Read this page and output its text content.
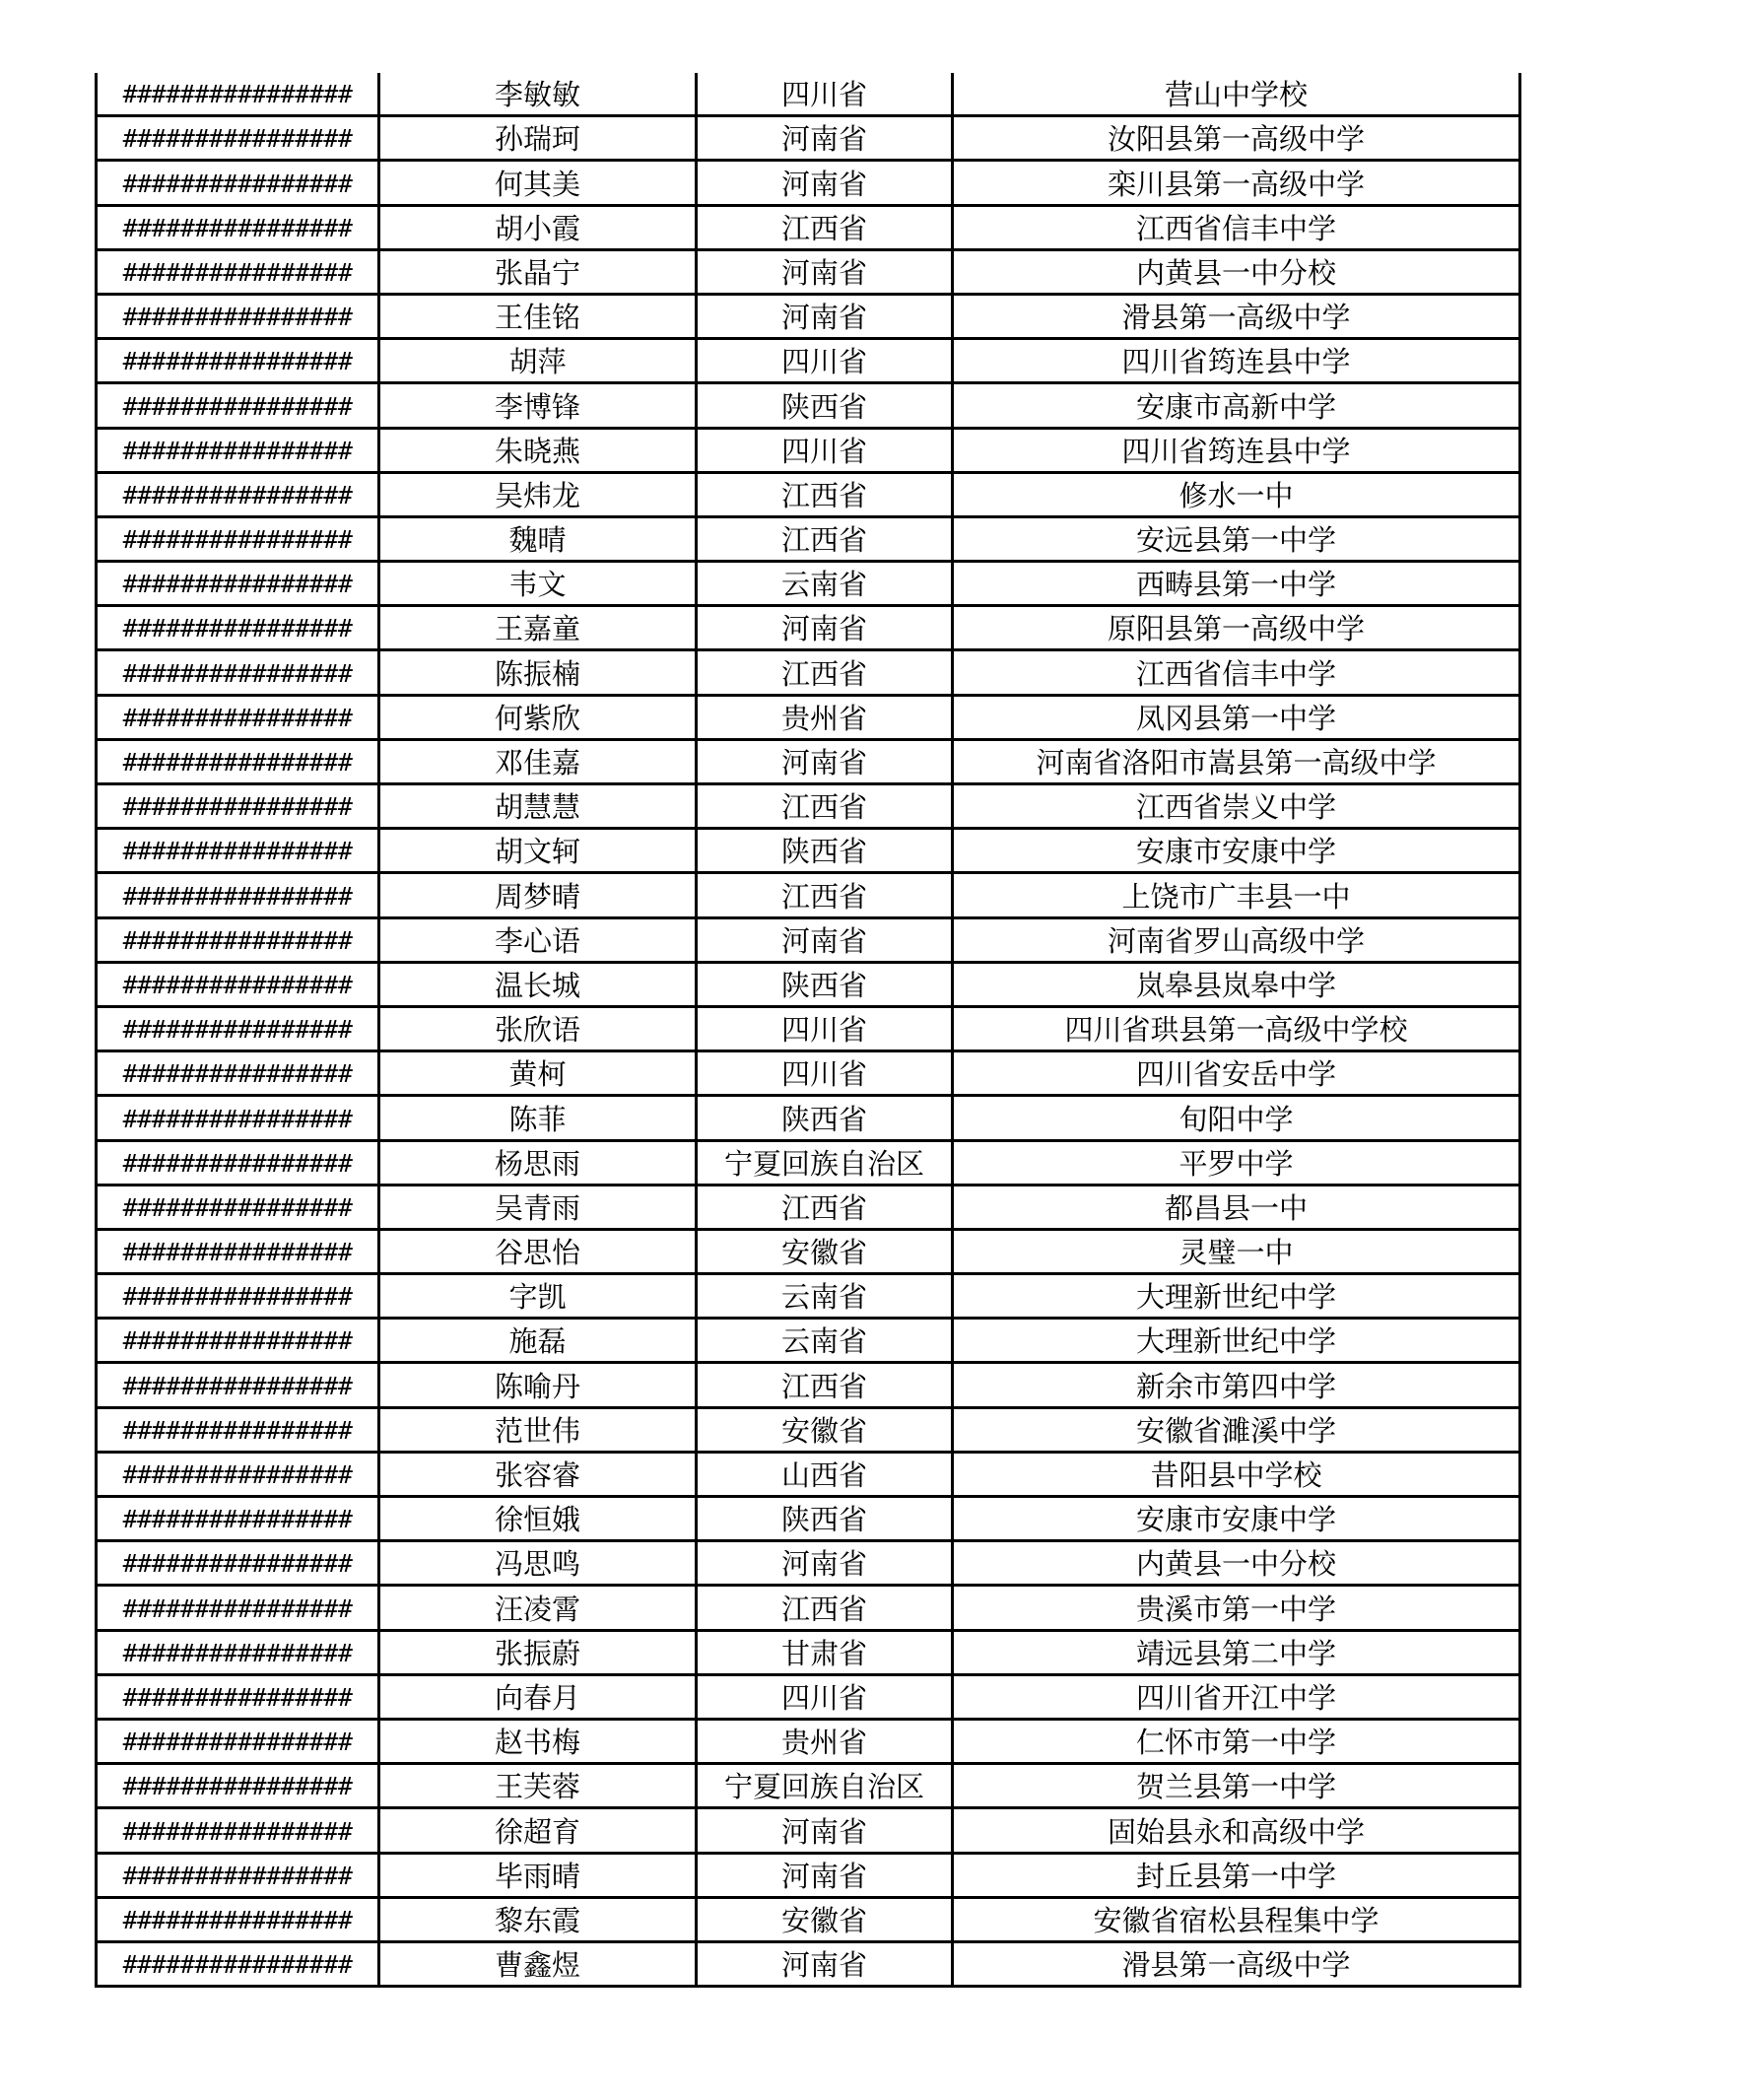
################	李敏敏	四川省	营山中学校
################	孙瑞珂	河南省	汝阳县第一高级中学
################	何其美	河南省	栾川县第一高级中学
################	胡小霞	江西省	江西省信丰中学
################	张晶宁	河南省	内黄县一中分校
################	王佳铭	河南省	滑县第一高级中学
################	胡萍	四川省	四川省筠连县中学
################	李博锋	陕西省	安康市高新中学
################	朱晓燕	四川省	四川省筠连县中学
################	吴炜龙	江西省	修水一中
################	魏晴	江西省	安远县第一中学
################	韦文	云南省	西畴县第一中学
################	王嘉童	河南省	原阳县第一高级中学
################	陈振楠	江西省	江西省信丰中学
################	何紫欣	贵州省	凤冈县第一中学
################	邓佳嘉	河南省	河南省洛阳市嵩县第一高级中学
################	胡慧慧	江西省	江西省崇义中学
################	胡文轲	陕西省	安康市安康中学
################	周梦晴	江西省	上饶市广丰县一中
################	李心语	河南省	河南省罗山高级中学
################	温长城	陕西省	岚皋县岚皋中学
################	张欣语	四川省	四川省珙县第一高级中学校
################	黄柯	四川省	四川省安岳中学
################	陈菲	陕西省	旬阳中学
################	杨思雨	宁夏回族自治区	平罗中学
################	吴青雨	江西省	都昌县一中
################	谷思怡	安徽省	灵璧一中
################	字凯	云南省	大理新世纪中学
################	施磊	云南省	大理新世纪中学
################	陈喻丹	江西省	新余市第四中学
################	范世伟	安徽省	安徽省濉溪中学
################	张容睿	山西省	昔阳县中学校
################	徐恒娥	陕西省	安康市安康中学
################	冯思鸣	河南省	内黄县一中分校
################	汪凌霄	江西省	贵溪市第一中学
################	张振蔚	甘肃省	靖远县第二中学
################	向春月	四川省	四川省开江中学
################	赵书梅	贵州省	仁怀市第一中学
################	王芙蓉	宁夏回族自治区	贺兰县第一中学
################	徐超育	河南省	固始县永和高级中学
################	毕雨晴	河南省	封丘县第一中学
################	黎东霞	安徽省	安徽省宿松县程集中学
################	曹鑫煜	河南省	滑县第一高级中学
